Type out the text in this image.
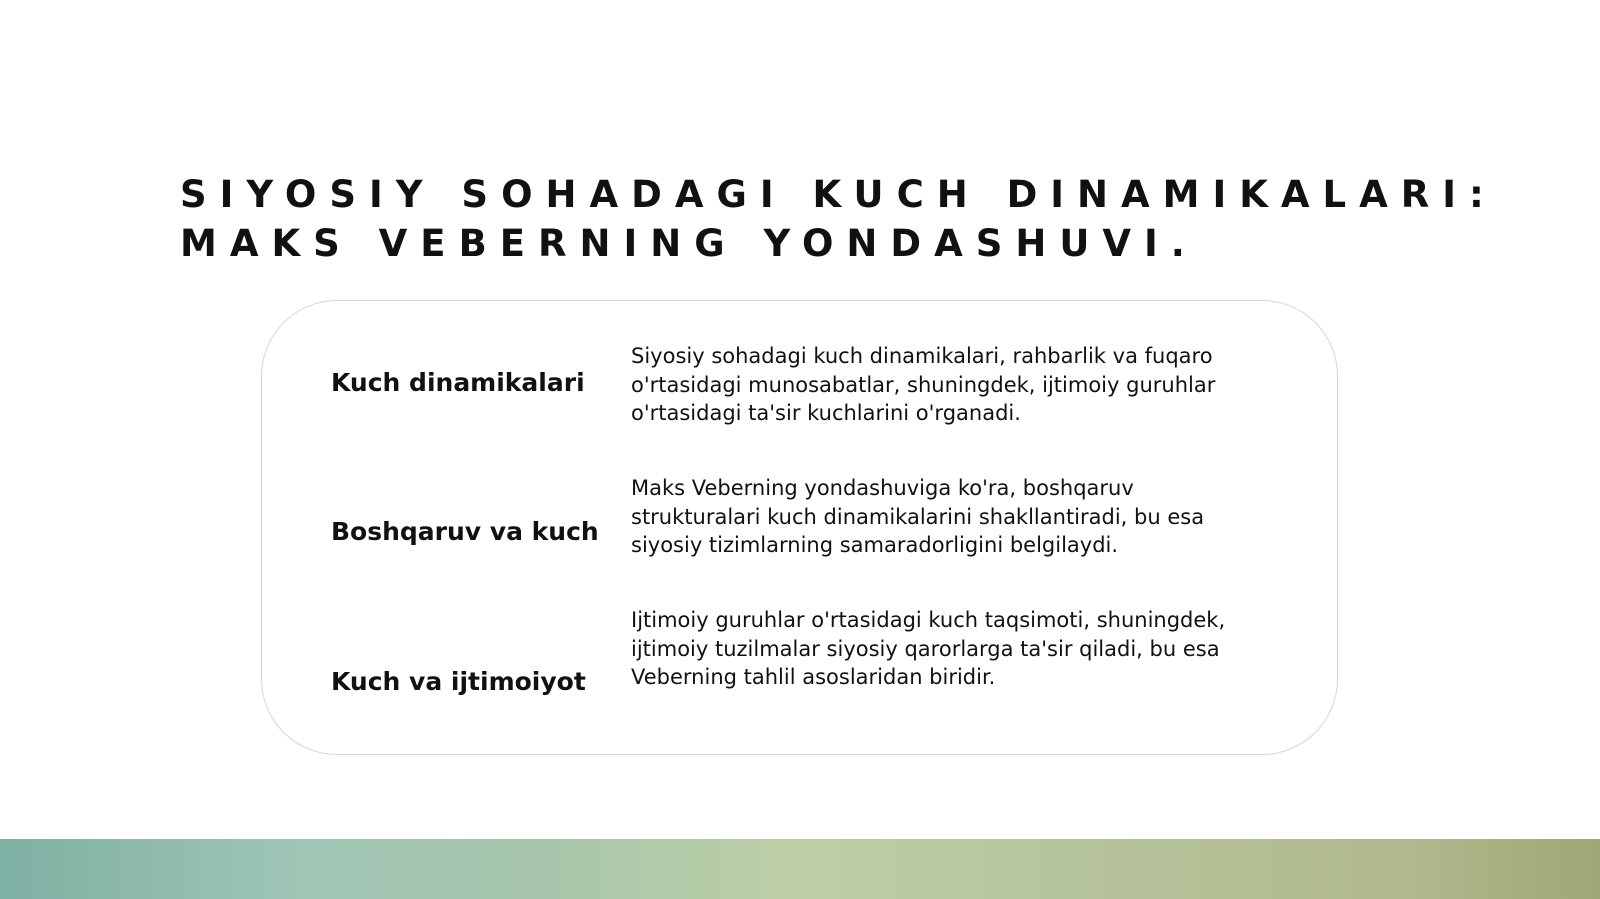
SIYOSIY SOHADAGI KUCH DINAMIKALARI:
MAKS VEBERNING YONDASHUVI.
Kuch dinamikalari
Siyosiy sohadagi kuch dinamikalari, rahbarlik va fuqaro
o'rtasidagi munosabatlar, shuningdek, ijtimoiy guruhlar
o'rtasidagi ta'sir kuchlarini o'rganadi.
Boshqaruv va kuch
Maks Veberning yondashuviga ko'ra, boshqaruv
strukturalari kuch dinamikalarini shakllantiradi, bu esa
siyosiy tizimlarning samaradorligini belgilaydi.
Kuch va ijtimoiyot
Ijtimoiy guruhlar o'rtasidagi kuch taqsimoti, shuningdek,
ijtimoiy tuzilmalar siyosiy qarorlarga ta'sir qiladi, bu esa
Veberning tahlil asoslaridan biridir.
